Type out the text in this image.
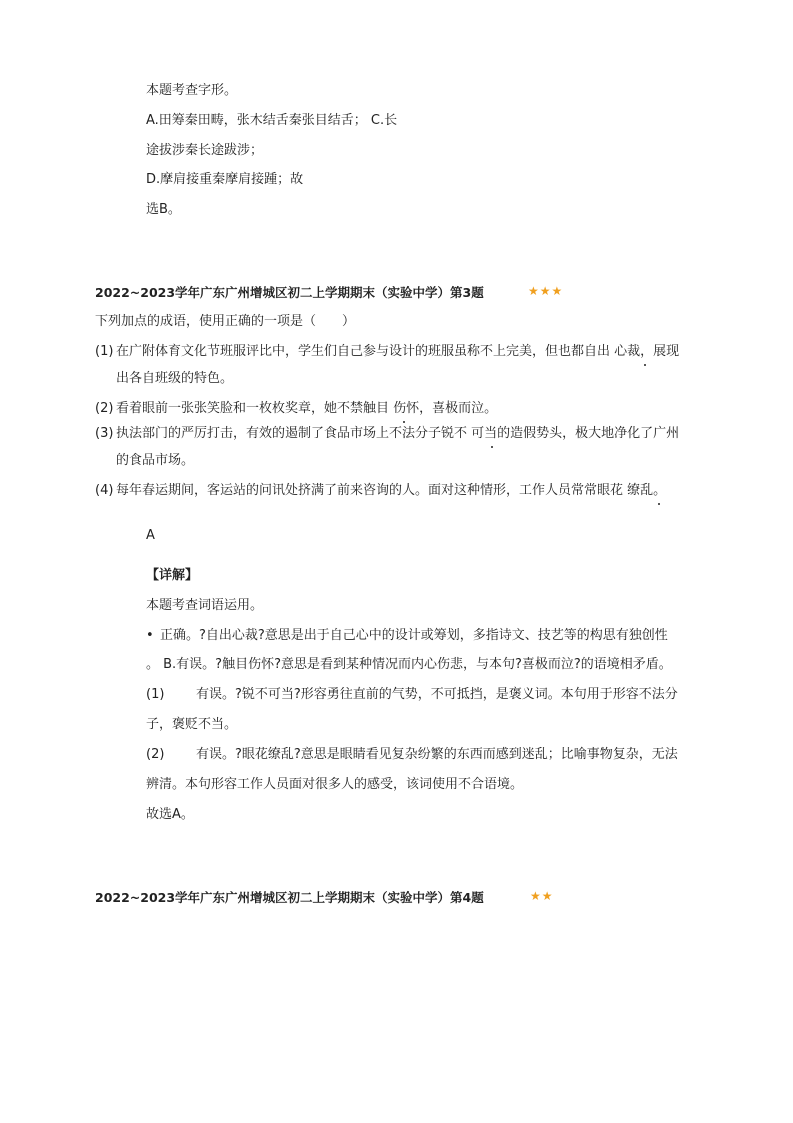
本题考查字形。
A.田筹秦田畴，张木结舌秦张目结舌； C.长
途拔涉秦长途跋涉；
D.摩肩接重秦摩肩接踵；故
选B。
2022~2023学年广东广州增城区初二上学期期末（实验中学）第3题	★★★
下列加点的成语，使用正确的一项是（　　）
(1) 在广附体育文化节班服评比中，学生们自己参与设计的班服虽称不上完美，但也都自出 心裁，展现
出各自班级的特色。
(2) 看着眼前一张张笑脸和一枚枚奖章，她不禁触目 伤怀，喜极而泣。
(3) 执法部门的严厉打击，有效的遏制了食品市场上不法分子锐不 可当的造假势头，极大地净化了广州
的食品市场。
(4) 每年春运期间，客运站的问讯处挤满了前来咨询的人。面对这种情形，工作人员常常眼花 缭乱。
A
【详解】
本题考查词语运用。
• 正确。?自出心裁?意思是出于自己心中的设计或筹划，多指诗文、技艺等的构思有独创性
。 B.有误。?触目伤怀?意思是看到某种情况而内心伤悲，与本句?喜极而泣?的语境相矛盾。
(1) 有误。?锐不可当?形容勇往直前的气势，不可抵挡，是褒义词。本句用于形容不法分
子，褒贬不当。
(2) 有误。?眼花缭乱?意思是眼睛看见复杂纷繁的东西而感到迷乱；比喻事物复杂，无法
辨清。本句形容工作人员面对很多人的感受，该词使用不合语境。
故选A。
2022~2023学年广东广州增城区初二上学期期末（实验中学）第4题	★★
